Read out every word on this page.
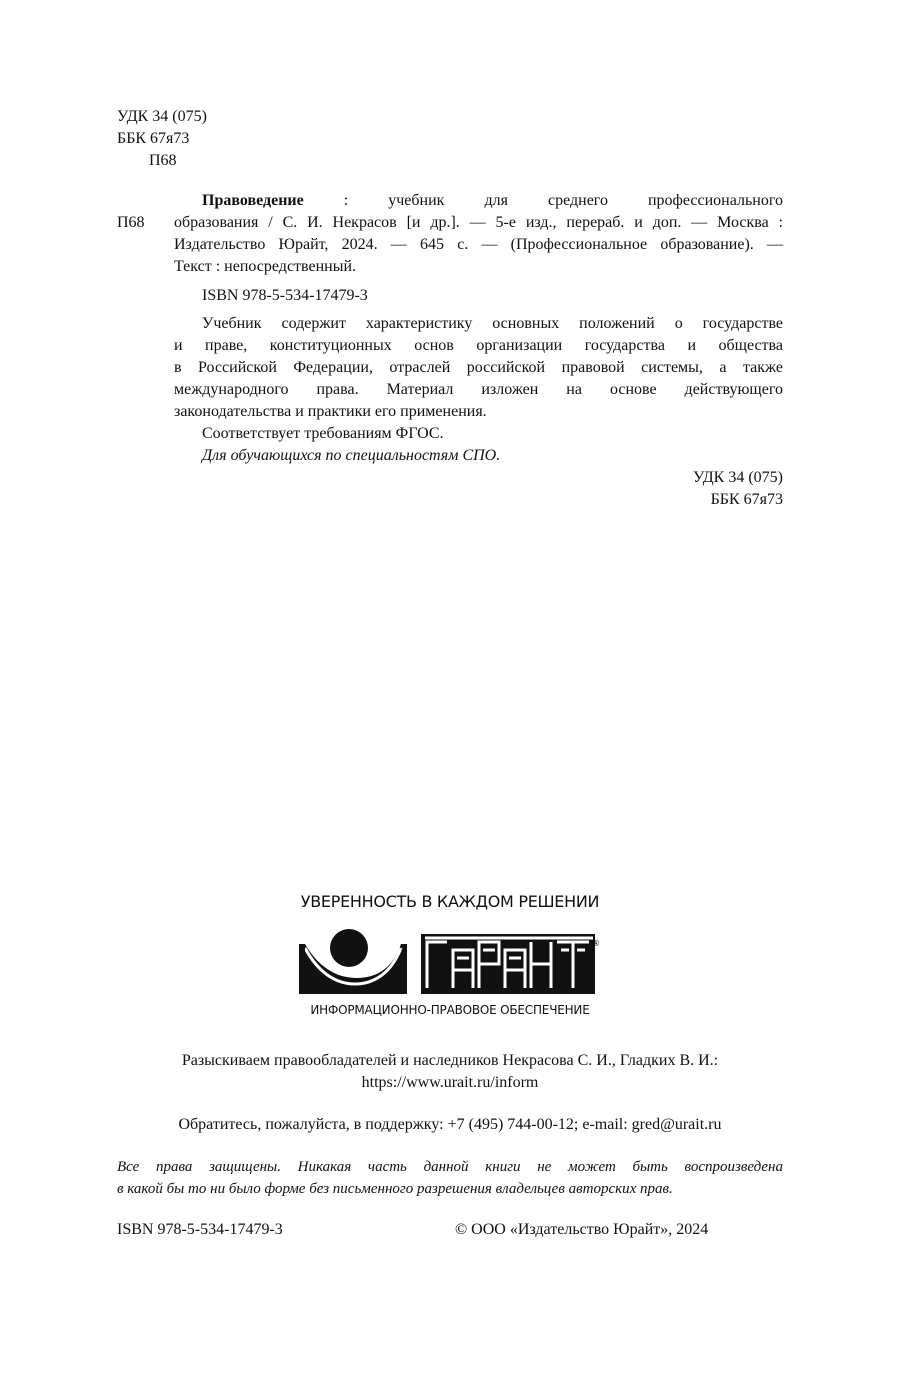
УДК 34 (075)
ББК 67я73
П68
П68
Правоведение : учебник для среднего профессионального
образования / С. И. Некрасов [и др.]. — 5-е изд., перераб. и доп. — Москва :
Издательство Юрайт, 2024. — 645 с. — (Профессиональное образование). —
Текст : непосредственный.
ISBN 978-5-534-17479-3
Учебник содержит характеристику основных положений о государстве
и праве, конституционных основ организации государства и общества
в Российской Федерации, отраслей российской правовой системы, а также
международного права. Материал изложен на основе действующего
законодательства и практики его применения.
Соответствует требованиям ФГОС.
Для обучающихся по специальностям СПО.
УДК 34 (075)
ББК 67я73
УВЕРЕННОСТЬ В КАЖДОМ РЕШЕНИИ
®
ИНФОРМАЦИОННО-ПРАВОВОЕ ОБЕСПЕЧЕНИЕ
Разыскиваем правообладателей и наследников Некрасова С. И., Гладких В. И.:
https://www.urait.ru/inform
Обратитесь, пожалуйста, в поддержку: +7 (495) 744-00-12; e-mail: gred@urait.ru
Все права защищены. Никакая часть данной книги не может быть воспроизведена
в какой бы то ни было форме без письменного разрешения владельцев авторских прав.
ISBN 978-5-534-17479-3	© ООО «Издательство Юрайт», 2024
